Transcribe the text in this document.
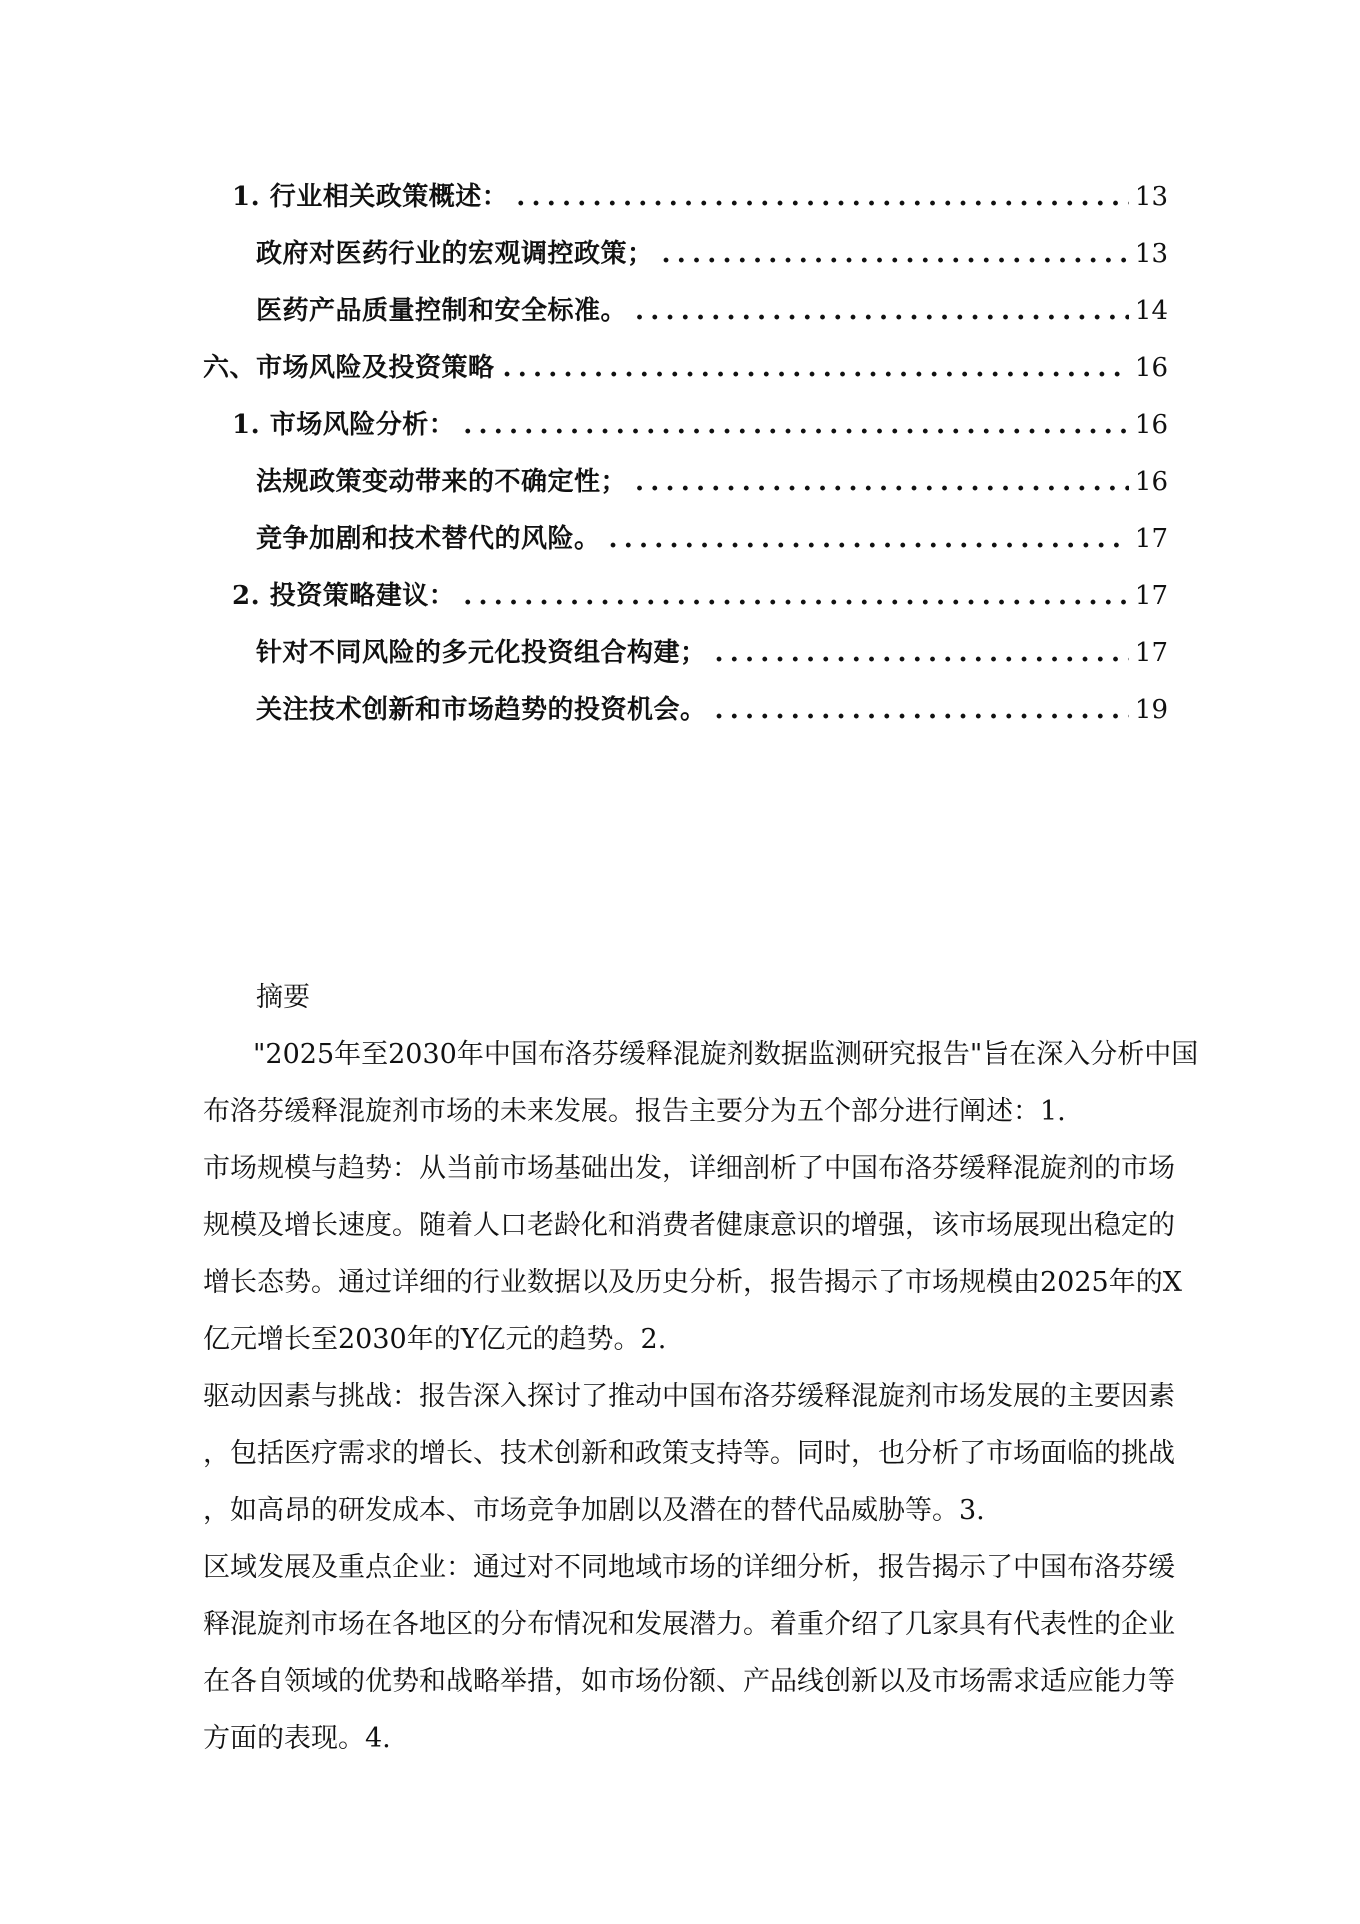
1. 行业相关政策概述： .....	13
政府对医药行业的宏观调控政策； .....	13
医药产品质量控制和安全标准。 .....	14
六、市场风险及投资策略 .....	16
1. 市场风险分析： .....	16
法规政策变动带来的不确定性； .....	16
竞争加剧和技术替代的风险。 .....	17
2. 投资策略建议： .....	17
针对不同风险的多元化投资组合构建； .....	17
关注技术创新和市场趋势的投资机会。 .....	19
摘要
"2025年至2030年中国布洛芬缓释混旋剂数据监测研究报告"旨在深入分析中国
布洛芬缓释混旋剂市场的未来发展。报告主要分为五个部分进行阐述：1.
市场规模与趋势：从当前市场基础出发，详细剖析了中国布洛芬缓释混旋剂的市场
规模及增长速度。随着人口老龄化和消费者健康意识的增强，该市场展现出稳定的
增长态势。通过详细的行业数据以及历史分析，报告揭示了市场规模由2025年的X
亿元增长至2030年的Y亿元的趋势。2.
驱动因素与挑战：报告深入探讨了推动中国布洛芬缓释混旋剂市场发展的主要因素
，包括医疗需求的增长、技术创新和政策支持等。同时，也分析了市场面临的挑战
，如高昂的研发成本、市场竞争加剧以及潜在的替代品威胁等。3.
区域发展及重点企业：通过对不同地域市场的详细分析，报告揭示了中国布洛芬缓
释混旋剂市场在各地区的分布情况和发展潜力。着重介绍了几家具有代表性的企业
在各自领域的优势和战略举措，如市场份额、产品线创新以及市场需求适应能力等
方面的表现。4.
